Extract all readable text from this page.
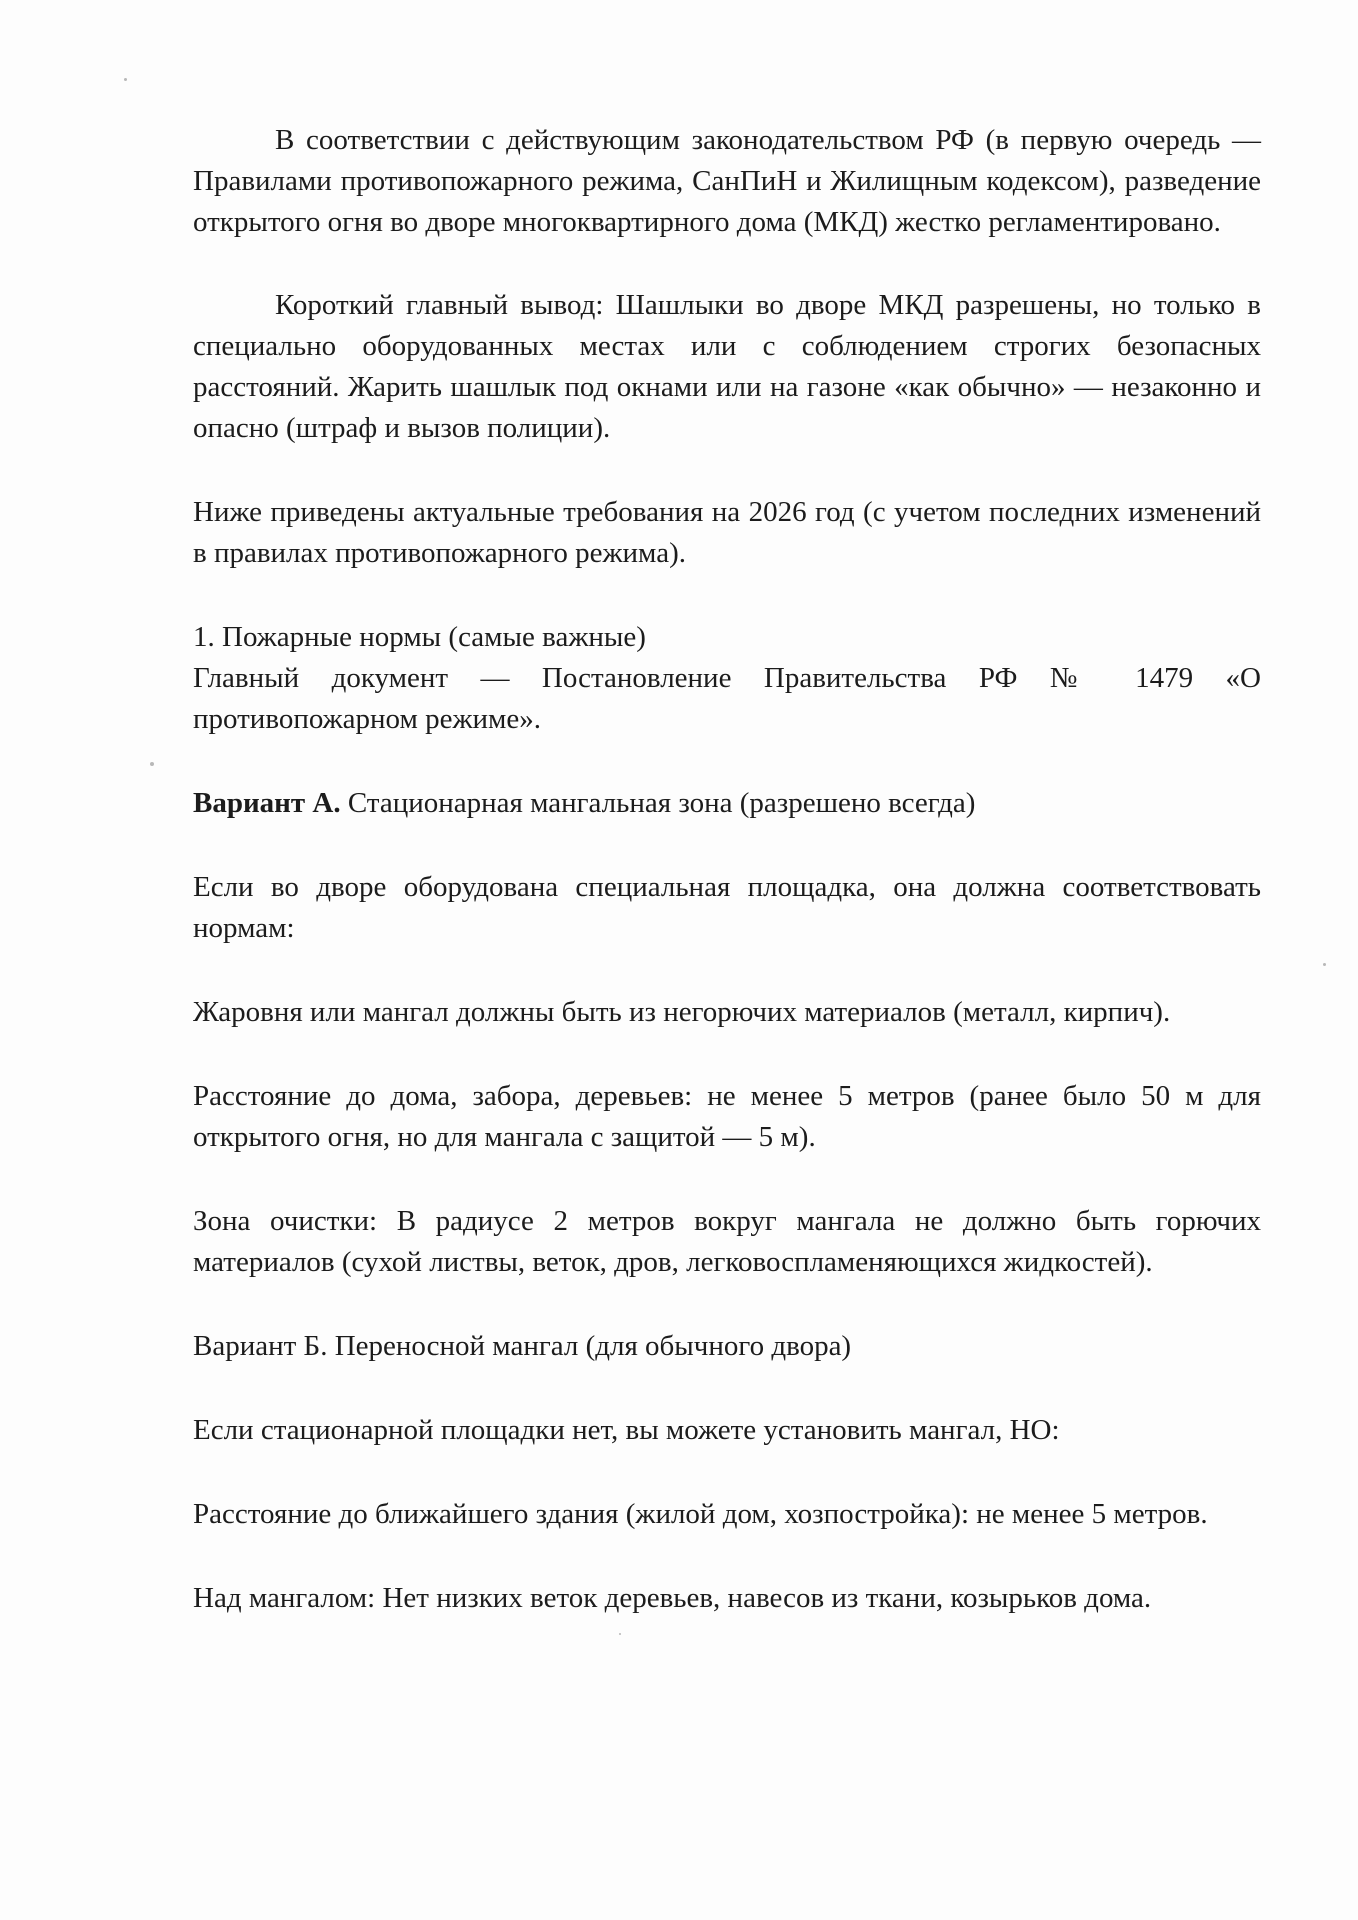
В соответствии с действующим законодательством РФ (в первую очередь — Правилами противопожарного режима, СанПиН и Жилищным кодексом), разведение открытого огня во дворе многоквартирного дома (МКД) жестко регламентировано.

Короткий главный вывод: Шашлыки во дворе МКД разрешены, но только в специально оборудованных местах или с соблюдением строгих безопасных расстояний. Жарить шашлык под окнами или на газоне «как обычно» — незаконно и опасно (штраф и вызов полиции).

Ниже приведены актуальные требования на 2026 год (с учетом последних изменений в правилах противопожарного режима).

1. Пожарные нормы (самые важные)

Главный документ — Постановление Правительства РФ № 1479 «О противопожарном режиме».

Вариант А. Стационарная мангальная зона (разрешено всегда)

Если во дворе оборудована специальная площадка, она должна соответствовать нормам:

Жаровня или мангал должны быть из негорючих материалов (металл, кирпич).

Расстояние до дома, забора, деревьев: не менее 5 метров (ранее было 50 м для открытого огня, но для мангала с защитой — 5 м).

Зона очистки: В радиусе 2 метров вокруг мангала не должно быть горючих материалов (сухой листвы, веток, дров, легковоспламеняющихся жидкостей).

Вариант Б. Переносной мангал (для обычного двора)

Если стационарной площадки нет, вы можете установить мангал, НО:

Расстояние до ближайшего здания (жилой дом, хозпостройка): не менее 5 метров.

Над мангалом: Нет низких веток деревьев, навесов из ткани, козырьков дома.
